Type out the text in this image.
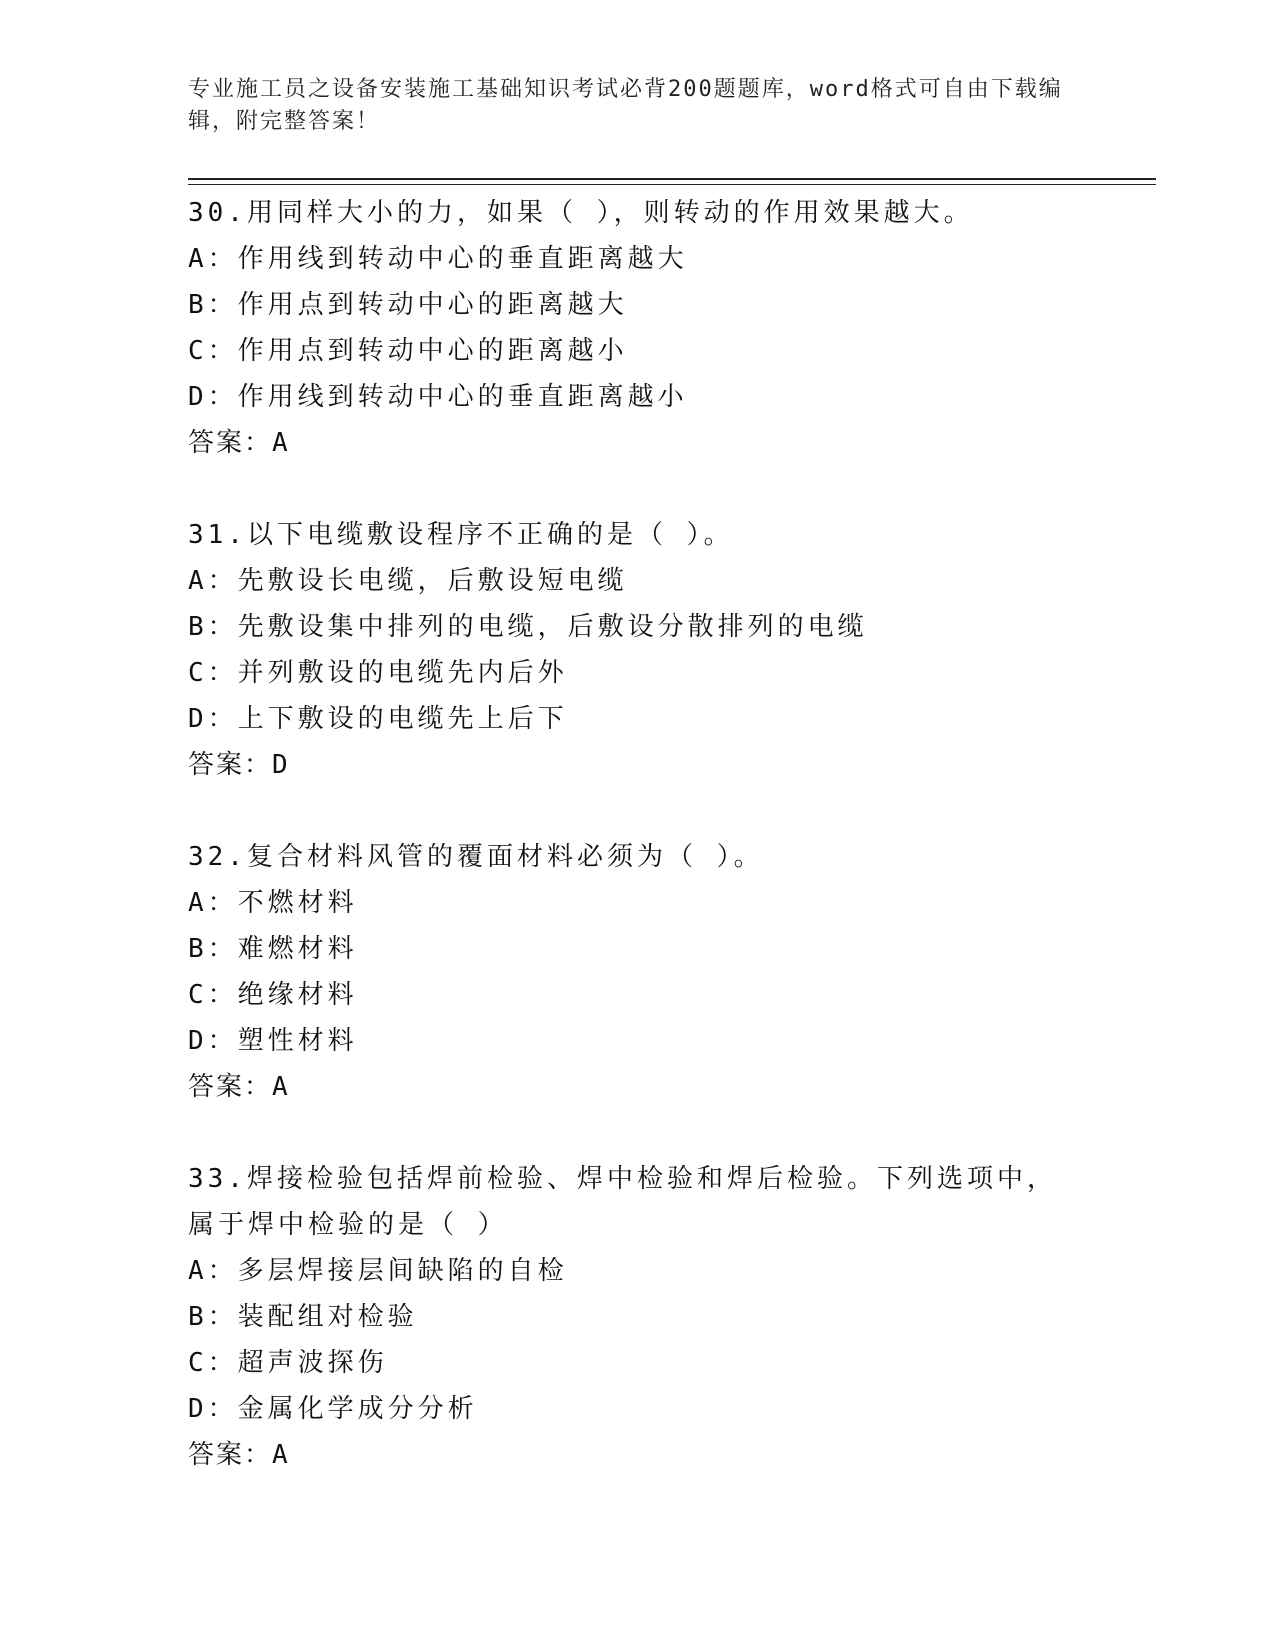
专业施工员之设备安装施工基础知识考试必背200题题库，word格式可自由下载编辑，附完整答案！
30.用同样大小的力，如果（ ），则转动的作用效果越大。
A：作用线到转动中心的垂直距离越大
B：作用点到转动中心的距离越大
C：作用点到转动中心的距离越小
D：作用线到转动中心的垂直距离越小
答案：A
31.以下电缆敷设程序不正确的是（ ）。
A：先敷设长电缆，后敷设短电缆
B：先敷设集中排列的电缆，后敷设分散排列的电缆
C：并列敷设的电缆先内后外
D：上下敷设的电缆先上后下
答案：D
32.复合材料风管的覆面材料必须为（ ）。
A：不燃材料
B：难燃材料
C：绝缘材料
D：塑性材料
答案：A
33.焊接检验包括焊前检验、焊中检验和焊后检验。下列选项中，属于焊中检验的是（ ）
A：多层焊接层间缺陷的自检
B：装配组对检验
C：超声波探伤
D：金属化学成分分析
答案：A
